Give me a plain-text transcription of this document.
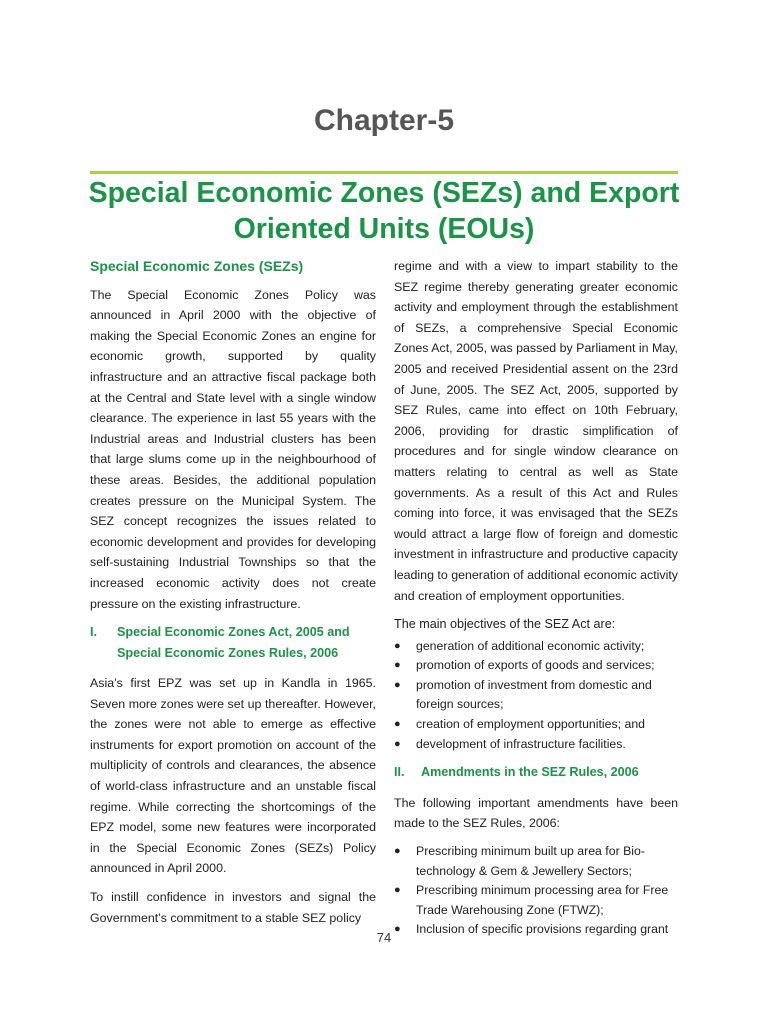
Chapter-5
Special Economic Zones (SEZs) and Export
Oriented Units (EOUs)
Special Economic Zones (SEZs)

The Special Economic Zones Policy was announced in April 2000 with the objective of making the Special Economic Zones an engine for economic growth, supported by quality infrastructure and an attractive fiscal package both at the Central and State level with a single window clearance. The experience in last 55 years with the Industrial areas and Industrial clusters has been that large slums come up in the neighbourhood of these areas. Besides, the additional population creates pressure on the Municipal System. The SEZ concept recognizes the issues related to economic development and provides for developing self-sustaining Industrial Townships so that the increased economic activity does not create pressure on the existing infrastructure.

I.	Special Economic Zones Act, 2005 and Special Economic Zones Rules, 2006

Asia’s first EPZ was set up in Kandla in 1965. Seven more zones were set up thereafter. However, the zones were not able to emerge as effective instruments for export promotion on account of the multiplicity of controls and clearances, the absence of world-class infrastructure and an unstable fiscal regime. While correcting the shortcomings of the EPZ model, some new features were incorporated in the Special Economic Zones (SEZs) Policy announced in April 2000.

To instill confidence in investors and signal the Government’s commitment to a stable SEZ policy

regime and with a view to impart stability to the SEZ regime thereby generating greater economic activity and employment through the establishment of SEZs, a comprehensive Special Economic Zones Act, 2005, was passed by Parliament in May, 2005 and received Presidential assent on the 23rd of June, 2005. The SEZ Act, 2005, supported by SEZ Rules, came into effect on 10th February, 2006, providing for drastic simplification of procedures and for single window clearance on matters relating to central as well as State governments. As a result of this Act and Rules coming into force, it was envisaged that the SEZs would attract a large flow of foreign and domestic investment in infrastructure and productive capacity leading to generation of additional economic activity and creation of employment opportunities.

The main objectives of the SEZ Act are:
●	generation of additional economic activity;
●	promotion of exports of goods and services;
●	promotion of investment from domestic and foreign sources;
●	creation of employment opportunities; and
●	development of infrastructure facilities.
II.	Amendments in the SEZ Rules, 2006

The following important amendments have been made to the SEZ Rules, 2006:

●	Prescribing minimum built up area for Bio-technology & Gem & Jewellery Sectors;
●	Prescribing minimum processing area for Free Trade Warehousing Zone (FTWZ);
●	Inclusion of specific provisions regarding grant
74
